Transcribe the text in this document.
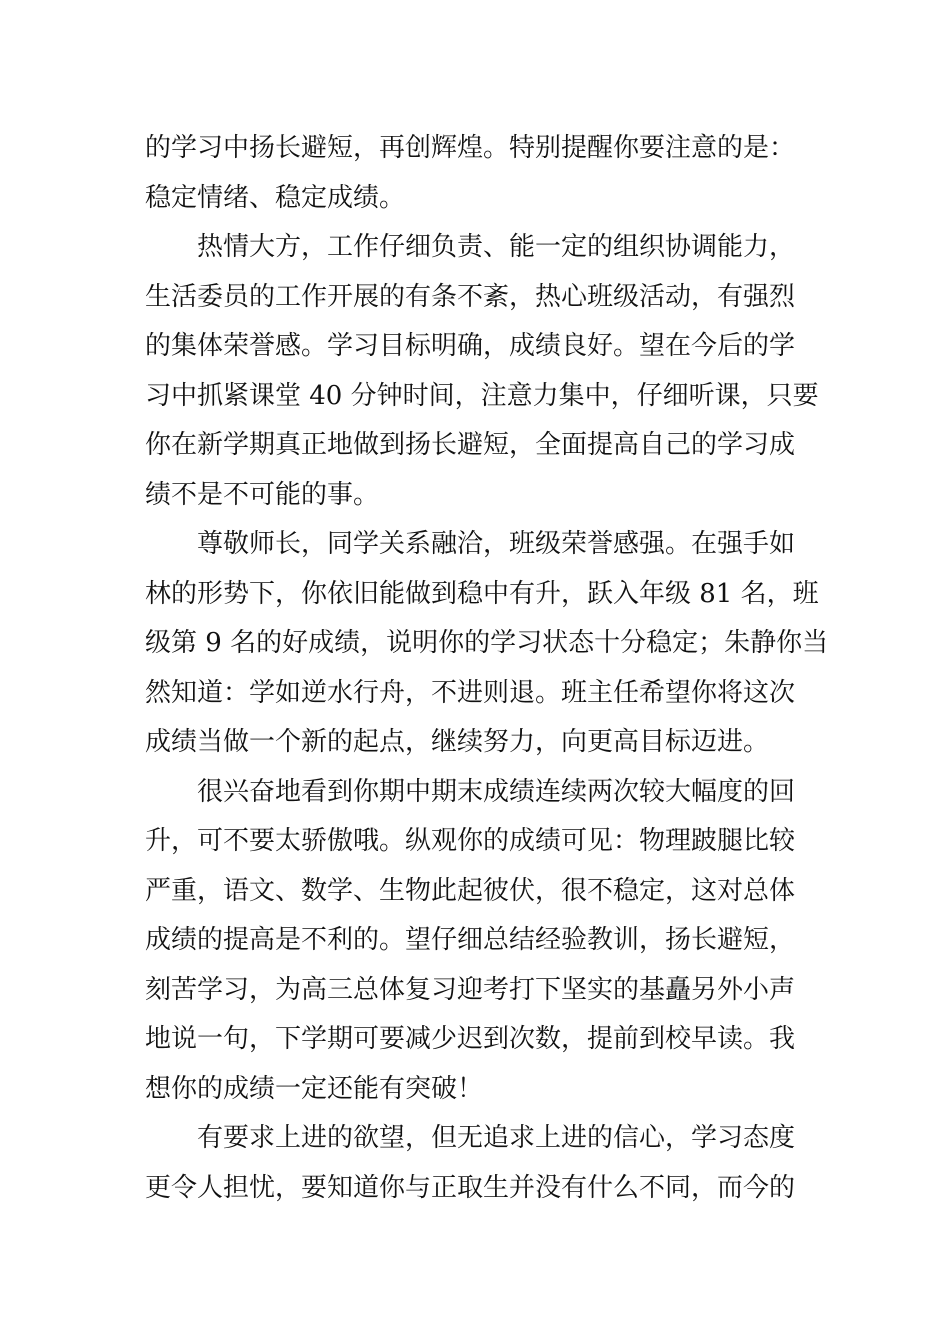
的学习中扬长避短，再创辉煌。特别提醒你要注意的是：
稳定情绪、稳定成绩。
热情大方，工作仔细负责、能一定的组织协调能力，
生活委员的工作开展的有条不紊，热心班级活动，有强烈
的集体荣誉感。学习目标明确，成绩良好。望在今后的学
习中抓紧课堂 40 分钟时间，注意力集中，仔细听课，只要
你在新学期真正地做到扬长避短，全面提高自己的学习成
绩不是不可能的事。
尊敬师长，同学关系融洽，班级荣誉感强。在强手如
林的形势下，你依旧能做到稳中有升，跃入年级 81 名，班
级第 9 名的好成绩，说明你的学习状态十分稳定；朱静你当
然知道：学如逆水行舟，不进则退。班主任希望你将这次
成绩当做一个新的起点，继续努力，向更高目标迈进。
很兴奋地看到你期中期末成绩连续两次较大幅度的回
升，可不要太骄傲哦。纵观你的成绩可见：物理跛腿比较
严重，语文、数学、生物此起彼伏，很不稳定，这对总体
成绩的提高是不利的。望仔细总结经验教训，扬长避短，
刻苦学习，为高三总体复习迎考打下坚实的基矗另外小声
地说一句，下学期可要减少迟到次数，提前到校早读。我
想你的成绩一定还能有突破！
有要求上进的欲望，但无追求上进的信心，学习态度
更令人担忧，要知道你与正取生并没有什么不同，而今的
